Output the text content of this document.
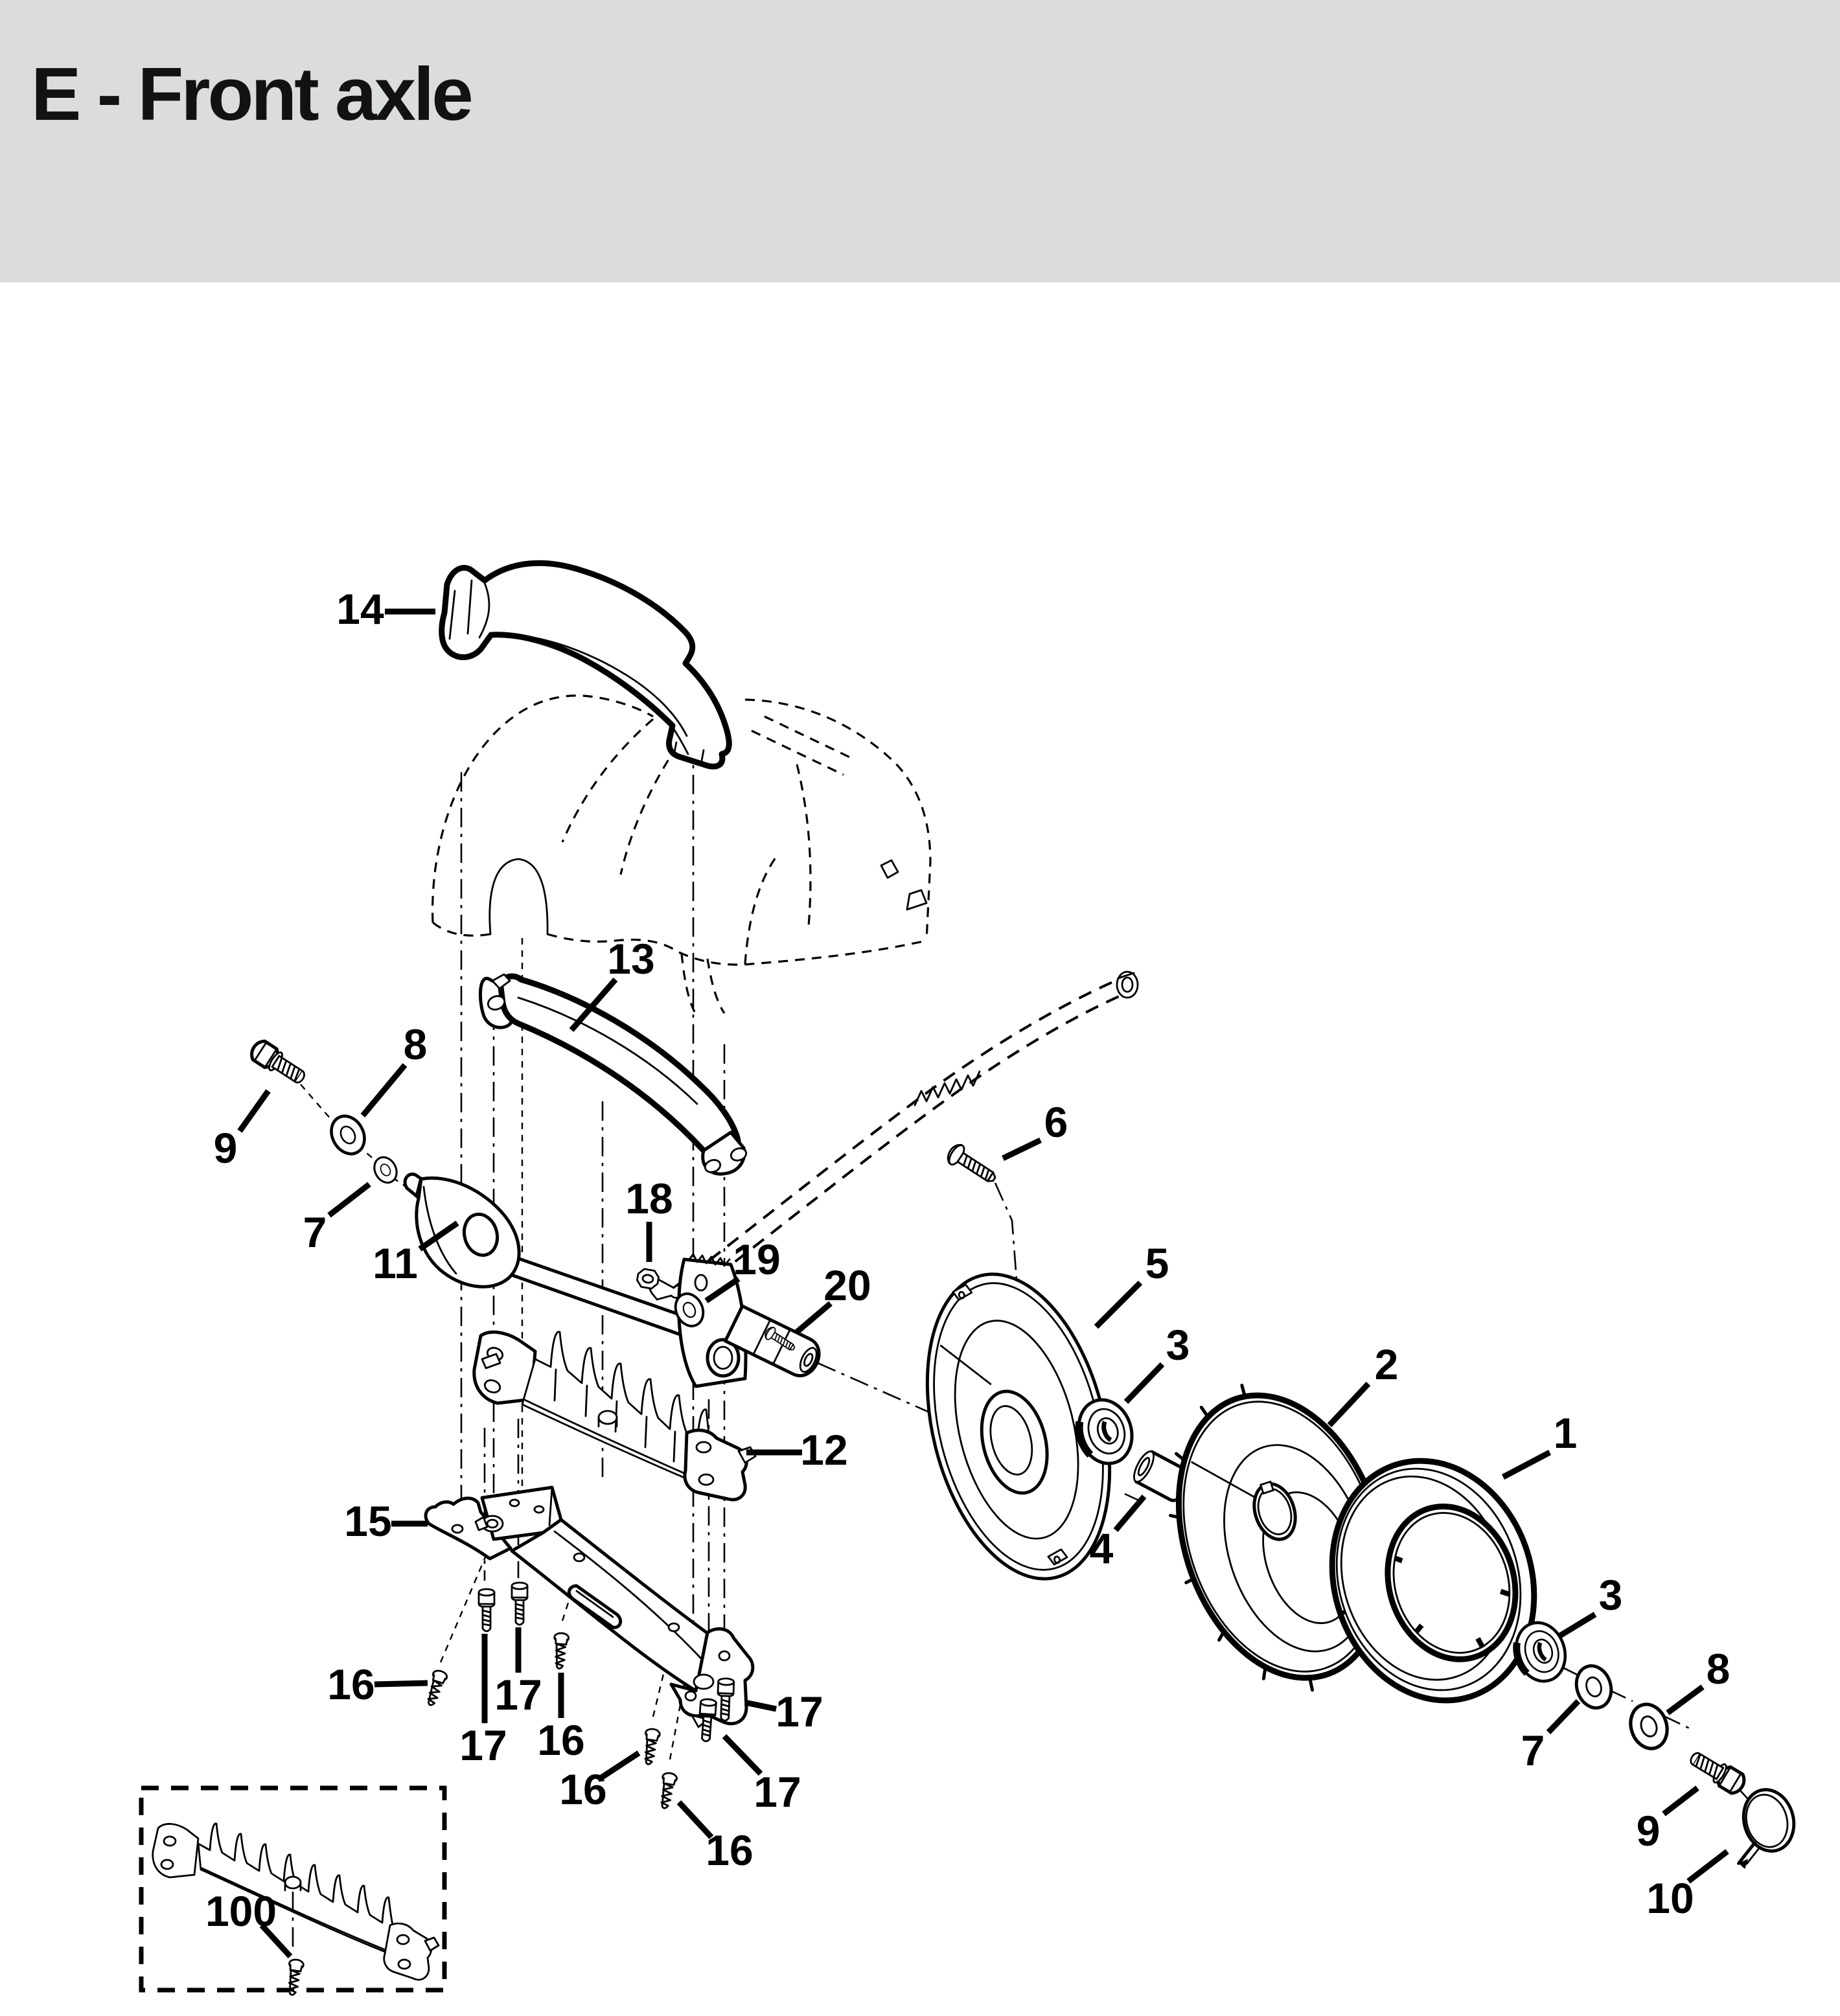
E - Front axle
14
13
9
8
7
11
18
19
20
6
5
3	2
4
1
3
8
7
9
10
12
15
16
17
17
16
16
16
17
17
100
